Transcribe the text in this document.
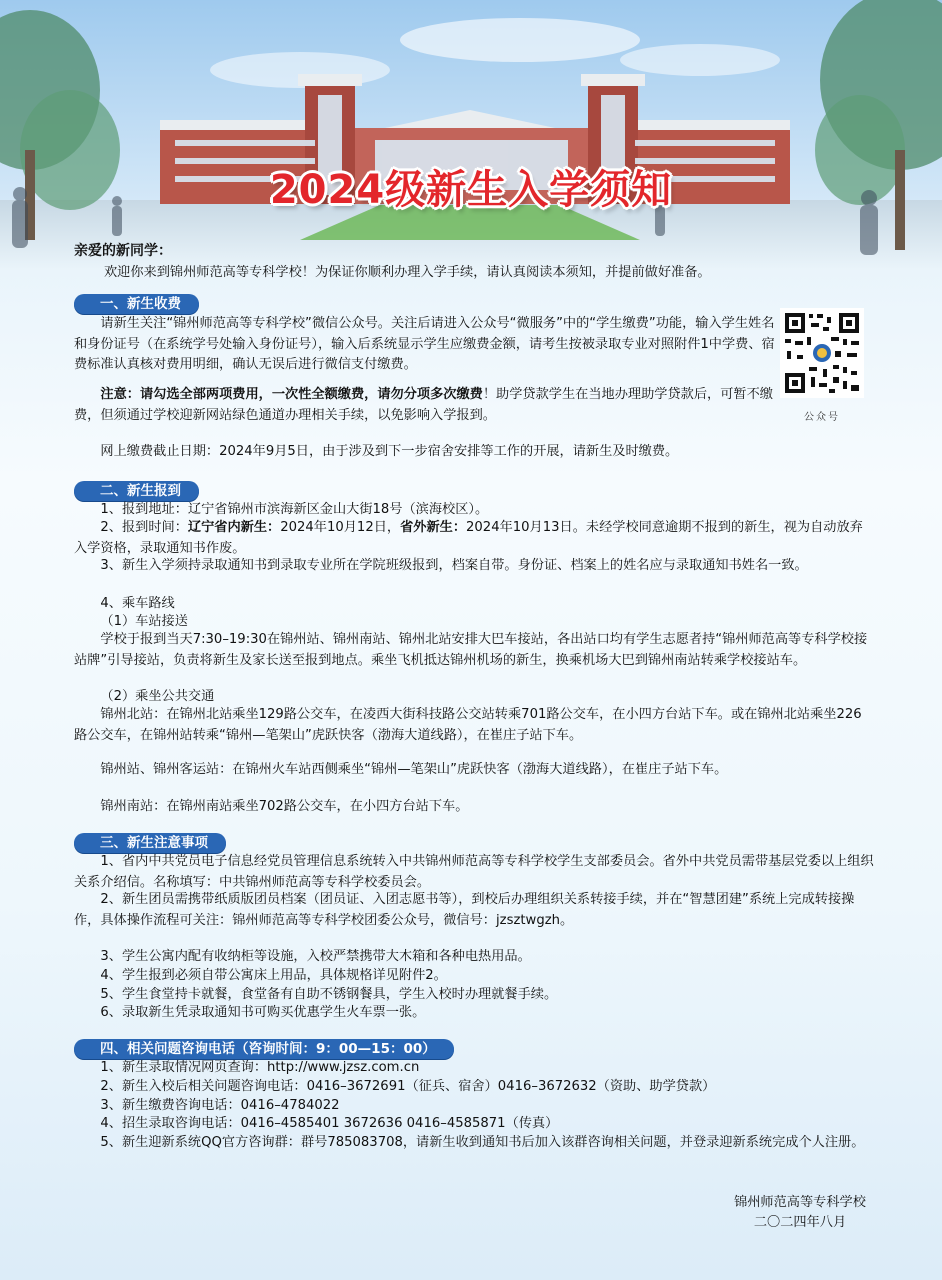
2024级新生入学须知
亲爱的新同学：
欢迎你来到锦州师范高等专科学校！为保证你顺利办理入学手续，请认真阅读本须知，并提前做好准备。
一、新生收费
请新生关注“锦州师范高等专科学校”微信公众号。关注后请进入公众号“微服务”中的“学生缴费”功能，输入学生姓名和身份证号（在系统学号处输入身份证号），输入后系统显示学生应缴费金额，请考生按被录取专业对照附件1中学费、宿费标准认真核对费用明细，确认无误后进行微信支付缴费。
注意：请勾选全部两项费用，一次性全额缴费，请勿分项多次缴费！助学贷款学生在当地办理助学贷款后，可暂不缴费，但须通过学校迎新网站绿色通道办理相关手续，以免影响入学报到。
网上缴费截止日期：2024年9月5日，由于涉及到下一步宿舍安排等工作的开展，请新生及时缴费。
公众号
二、新生报到
1、报到地址：辽宁省锦州市滨海新区金山大街18号（滨海校区）。
2、报到时间：辽宁省内新生：2024年10月12日，省外新生：2024年10月13日。未经学校同意逾期不报到的新生，视为自动放弃入学资格，录取通知书作废。
3、新生入学须持录取通知书到录取专业所在学院班级报到，档案自带。身份证、档案上的姓名应与录取通知书姓名一致。
4、乘车路线
（1）车站接送
学校于报到当天7:30–19:30在锦州站、锦州南站、锦州北站安排大巴车接站，各出站口均有学生志愿者持“锦州师范高等专科学校接站牌”引导接站，负责将新生及家长送至报到地点。乘坐飞机抵达锦州机场的新生，换乘机场大巴到锦州南站转乘学校接站车。
（2）乘坐公共交通
锦州北站：在锦州北站乘坐129路公交车，在凌西大街科技路公交站转乘701路公交车，在小四方台站下车。或在锦州北站乘坐226路公交车，在锦州站转乘“锦州—笔架山”虎跃快客（渤海大道线路），在崔庄子站下车。
锦州站、锦州客运站：在锦州火车站西侧乘坐“锦州—笔架山”虎跃快客（渤海大道线路），在崔庄子站下车。
锦州南站：在锦州南站乘坐702路公交车，在小四方台站下车。
三、新生注意事项
1、省内中共党员电子信息经党员管理信息系统转入中共锦州师范高等专科学校学生支部委员会。省外中共党员需带基层党委以上组织关系介绍信。名称填写：中共锦州师范高等专科学校委员会。
2、新生团员需携带纸质版团员档案（团员证、入团志愿书等），到校后办理组织关系转接手续，并在“智慧团建”系统上完成转接操作，具体操作流程可关注：锦州师范高等专科学校团委公众号，微信号：jzsztwgzh。
3、学生公寓内配有收纳柜等设施，入校严禁携带大木箱和各种电热用品。
4、学生报到必须自带公寓床上用品，具体规格详见附件2。
5、学生食堂持卡就餐，食堂备有自助不锈钢餐具，学生入校时办理就餐手续。
6、录取新生凭录取通知书可购买优惠学生火车票一张。
四、相关问题咨询电话（咨询时间：9：00—15：00）
1、新生录取情况网页查询：http://www.jzsz.com.cn
2、新生入校后相关问题咨询电话：0416–3672691（征兵、宿舍）0416–3672632（资助、助学贷款）
3、新生缴费咨询电话：0416–4784022
4、招生录取咨询电话：0416–4585401 3672636 0416–4585871（传真）
5、新生迎新系统QQ官方咨询群：群号785083708，请新生收到通知书后加入该群咨询相关问题，并登录迎新系统完成个人注册。
锦州师范高等专科学校
二〇二四年八月
